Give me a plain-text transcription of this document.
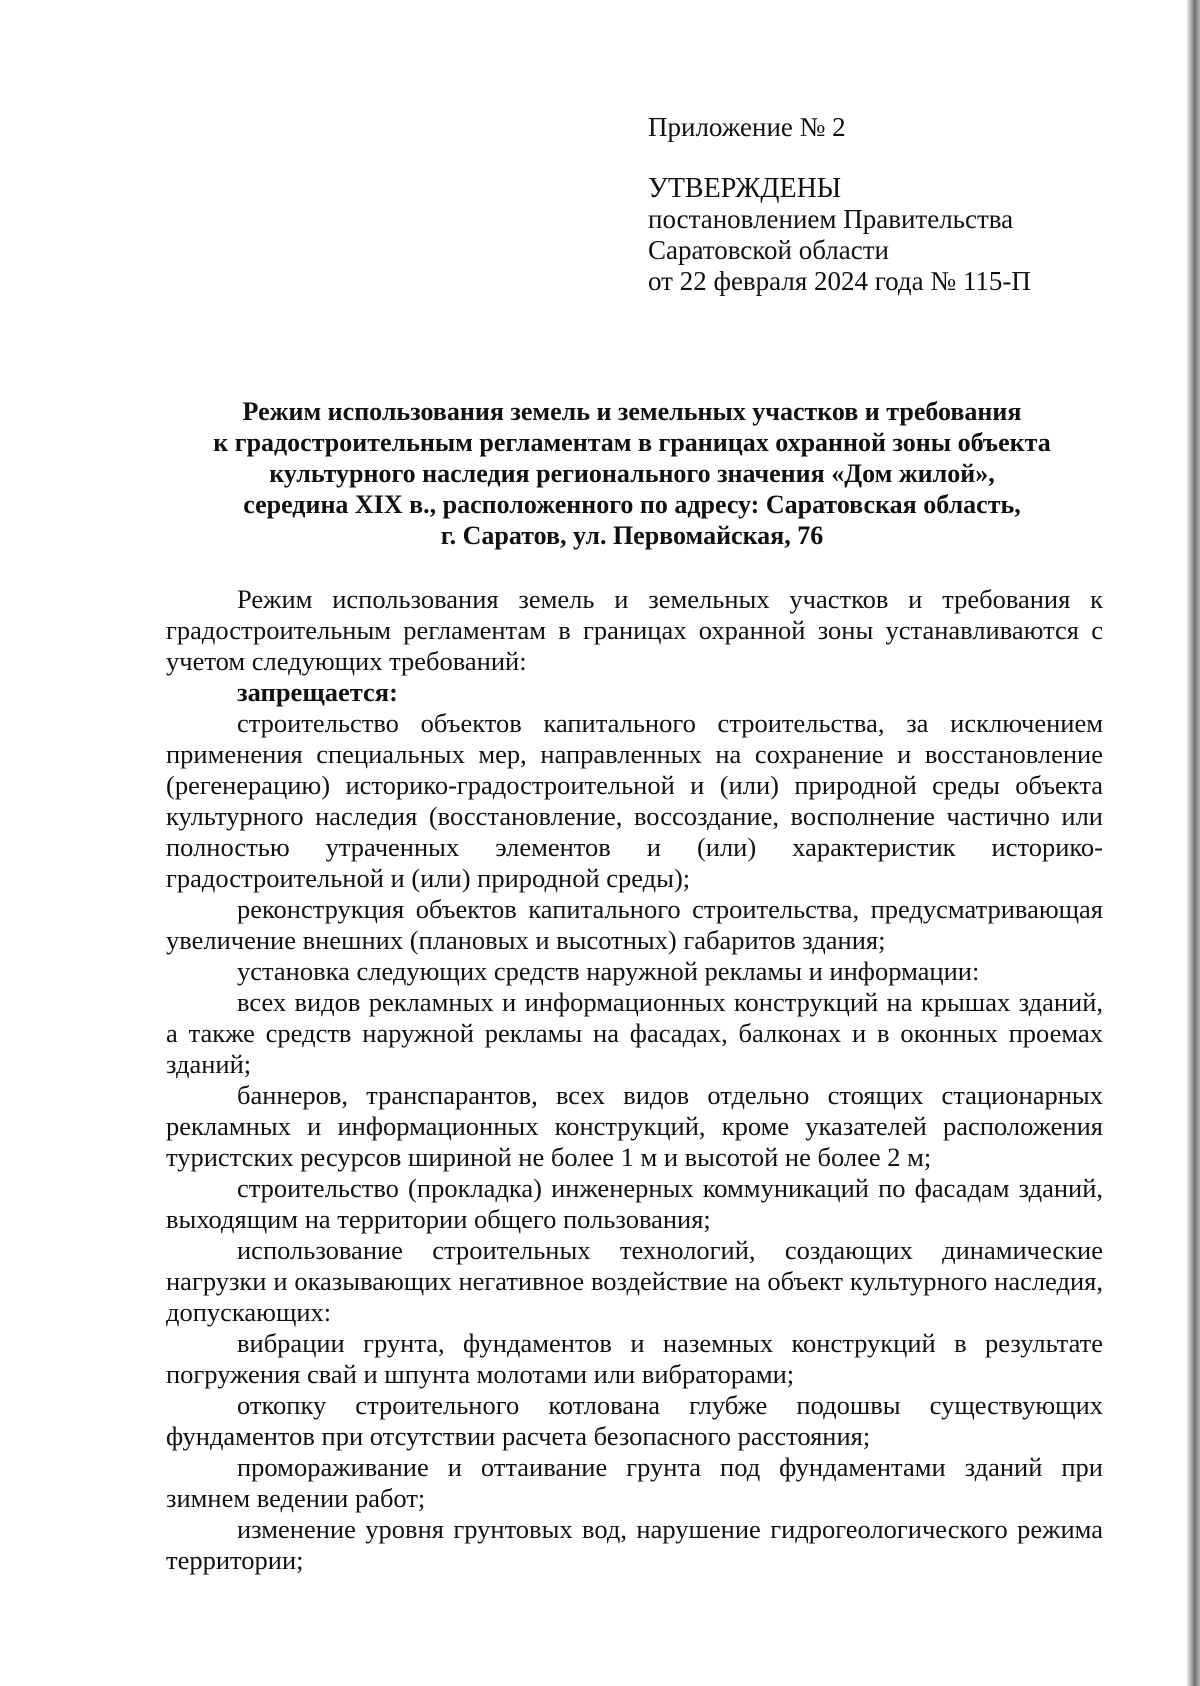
Приложение № 2
УТВЕРЖДЕНЫ
постановлением Правительства
Саратовской области
от 22 февраля 2024 года № 115-П
Режим использования земель и земельных участков и требования
к градостроительным регламентам в границах охранной зоны объекта
культурного наследия регионального значения «Дом жилой»,
середина XIX в., расположенного по адресу: Саратовская область,
г. Саратов, ул. Первомайская, 76

Режим использования земель и земельных участков и требования к градостроительным регламентам в границах охранной зоны устанавливаются с учетом следующих требований:

запрещается:

строительство объектов капитального строительства, за исключением применения специальных мер, направленных на сохранение и восстановление (регенерацию) историко-градостроительной и (или) природной среды объекта культурного наследия (восстановление, воссоздание, восполнение частично или полностью утраченных элементов и (или) характеристик историко-градостроительной и (или) природной среды);

реконструкция объектов капитального строительства, предусматривающая увеличение внешних (плановых и высотных) габаритов здания;

установка следующих средств наружной рекламы и информации:

всех видов рекламных и информационных конструкций на крышах зданий, а также средств наружной рекламы на фасадах, балконах и в оконных проемах зданий;

баннеров, транспарантов, всех видов отдельно стоящих стационарных рекламных и информационных конструкций, кроме указателей расположения туристских ресурсов шириной не более 1 м и высотой не более 2 м;

строительство (прокладка) инженерных коммуникаций по фасадам зданий, выходящим на территории общего пользования;

использование строительных технологий, создающих динамические нагрузки и оказывающих негативное воздействие на объект культурного наследия, допускающих:

вибрации грунта, фундаментов и наземных конструкций в результате погружения свай и шпунта молотами или вибраторами;

откопку строительного котлована глубже подошвы существующих фундаментов при отсутствии расчета безопасного расстояния;

промораживание и оттаивание грунта под фундаментами зданий при зимнем ведении работ;

изменение уровня грунтовых вод, нарушение гидрогеологического режима территории;
